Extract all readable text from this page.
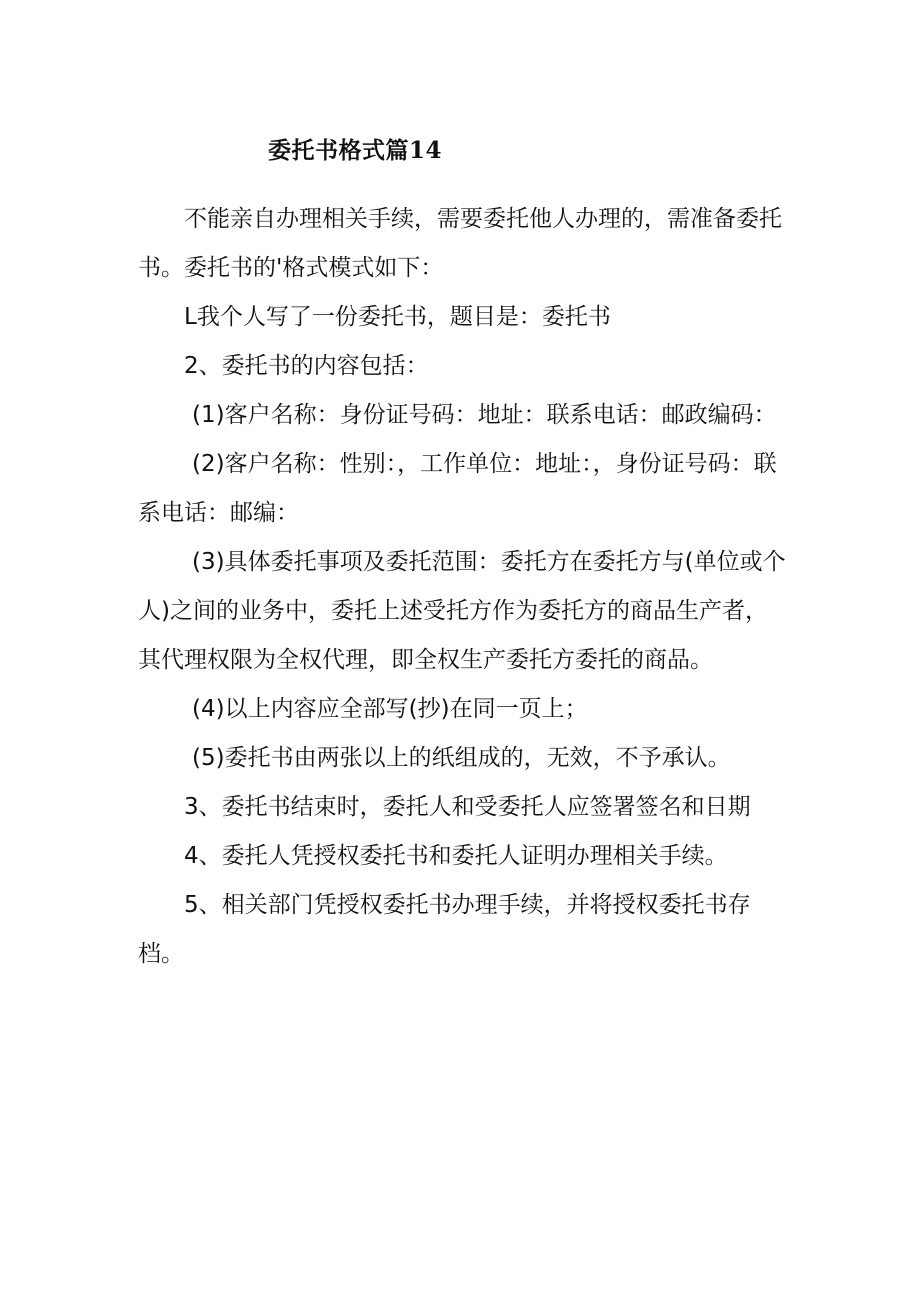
委托书格式篇14

不能亲自办理相关手续，需要委托他人办理的，需准备委托书。委托书的'格式模式如下：

L我个人写了一份委托书，题目是：委托书

2、委托书的内容包括：

(1)客户名称：身份证号码：地址：联系电话：邮政编码：

(2)客户名称：性别：，工作单位：地址：，身份证号码：联系电话：邮编：

(3)具体委托事项及委托范围：委托方在委托方与(单位或个人)之间的业务中，委托上述受托方作为委托方的商品生产者，其代理权限为全权代理，即全权生产委托方委托的商品。

(4)以上内容应全部写(抄)在同一页上；

(5)委托书由两张以上的纸组成的，无效，不予承认。

3、委托书结束时，委托人和受委托人应签署签名和日期

4、委托人凭授权委托书和委托人证明办理相关手续。

5、相关部门凭授权委托书办理手续，并将授权委托书存档。
